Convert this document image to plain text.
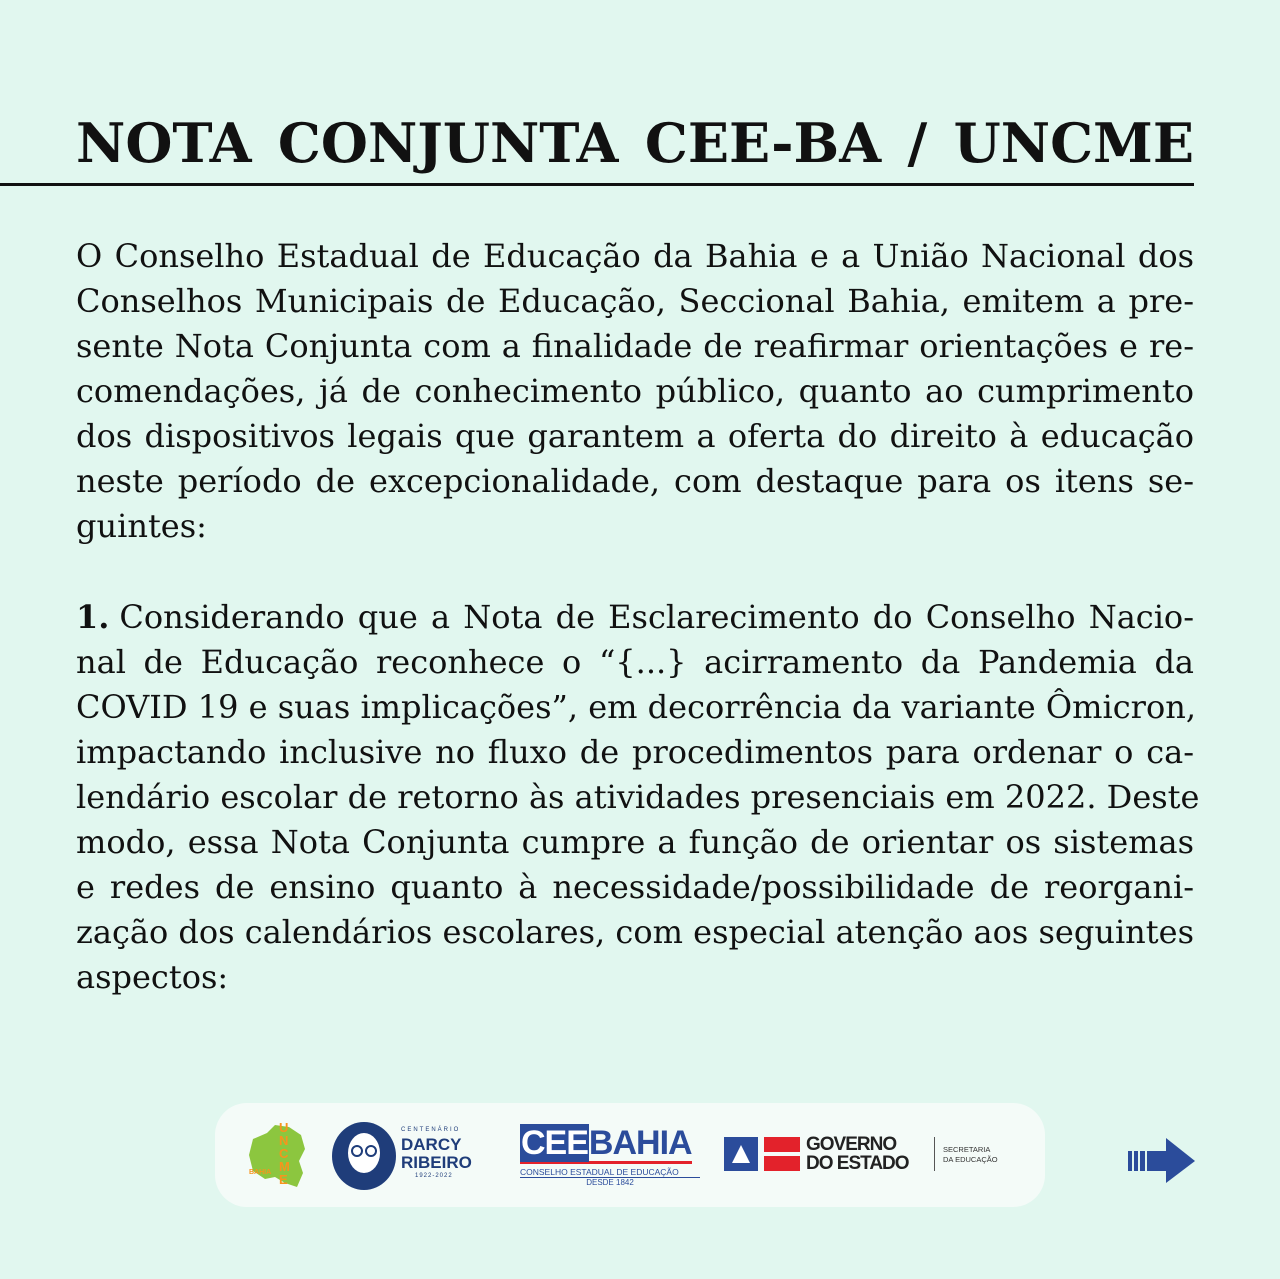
NOTA CONJUNTA CEE-BA / UNCME
O Conselho Estadual de Educação da Bahia e a União Nacional dos
Conselhos Municipais de Educação, Seccional Bahia, emitem a pre-
sente Nota Conjunta com a finalidade de reafirmar orientações e re-
comendações, já de conhecimento público, quanto ao cumprimento
dos dispositivos legais que garantem a oferta do direito à educação
neste período de excepcionalidade, com destaque para os itens se-
guintes:
1. Considerando que a Nota de Esclarecimento do Conselho Nacio-
nal de Educação reconhece o “{...} acirramento da Pandemia da
COVID 19 e suas implicações”, em decorrência da variante Ômicron,
impactando inclusive no fluxo de procedimentos para ordenar o ca-
lendário escolar de retorno às atividades presenciais em 2022. Deste
modo, essa Nota Conjunta cumpre a função de orientar os sistemas
e redes de ensino quanto à necessidade/possibilidade de reorgani-
zação dos calendários escolares, com especial atenção aos seguintes
aspectos:
BAHIA
UNCME
CENTENÁRIO
DARCY
RIBEIRO
1922-2022
CEEBAHIA
CONSELHO ESTADUAL DE EDUCAÇÃO
DESDE 1842
GOVERNO
DO ESTADO
SECRETARIA
DA EDUCAÇÃO
